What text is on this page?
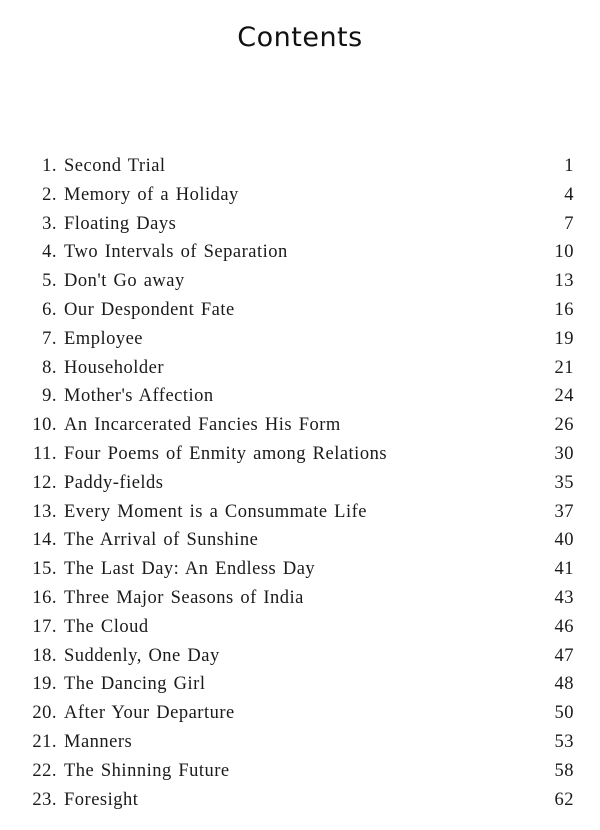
Contents
1. Second Trial	1
2. Memory of a Holiday	4
3. Floating Days	7
4. Two Intervals of Separation	10
5. Don't Go away	13
6. Our Despondent Fate	16
7. Employee	19
8. Householder	21
9. Mother's Affection	24
10. An Incarcerated Fancies His Form	26
11. Four Poems of Enmity among Relations	30
12. Paddy-fields	35
13. Every Moment is a Consummate Life	37
14. The Arrival of Sunshine	40
15. The Last Day: An Endless Day	41
16. Three Major Seasons of India	43
17. The Cloud	46
18. Suddenly, One Day	47
19. The Dancing Girl	48
20. After Your Departure	50
21. Manners	53
22. The Shinning Future	58
23. Foresight	62
